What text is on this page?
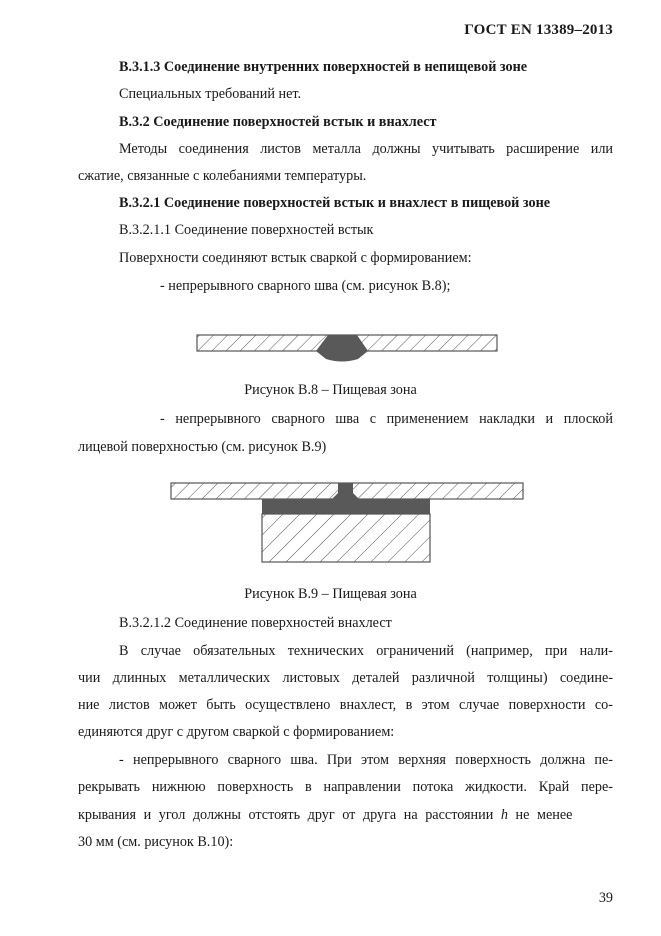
ГОСТ EN 13389–2013
В.3.1.3 Соединение внутренних поверхностей в непищевой зоне
Специальных требований нет.
В.3.2 Соединение поверхностей встык и внахлест
Методы соединения листов металла должны учитывать расширение или
сжатие, связанные с колебаниями температуры.
В.3.2.1 Соединение поверхностей встык и внахлест в пищевой зоне
В.3.2.1.1 Соединение поверхностей встык
Поверхности соединяют встык сваркой с формированием:
- непрерывного сварного шва (см. рисунок В.8);
Рисунок В.8 – Пищевая зона
- непрерывного сварного шва с применением накладки и плоской
лицевой поверхностью (см. рисунок В.9)
Рисунок В.9 – Пищевая зона
В.3.2.1.2 Соединение поверхностей внахлест
В случае обязательных технических ограничений (например, при нали-
чии длинных металлических листовых деталей различной толщины) соедине-
ние листов может быть осуществлено внахлест, в этом случае поверхности со-
единяются друг с другом сваркой с формированием:
- непрерывного сварного шва. При этом верхняя поверхность должна пе-
рекрывать нижнюю поверхность в направлении потока жидкости. Край пере-
крывания и угол должны отстоять друг от друга на расстоянии h не менее
30 мм (см. рисунок В.10):
39
